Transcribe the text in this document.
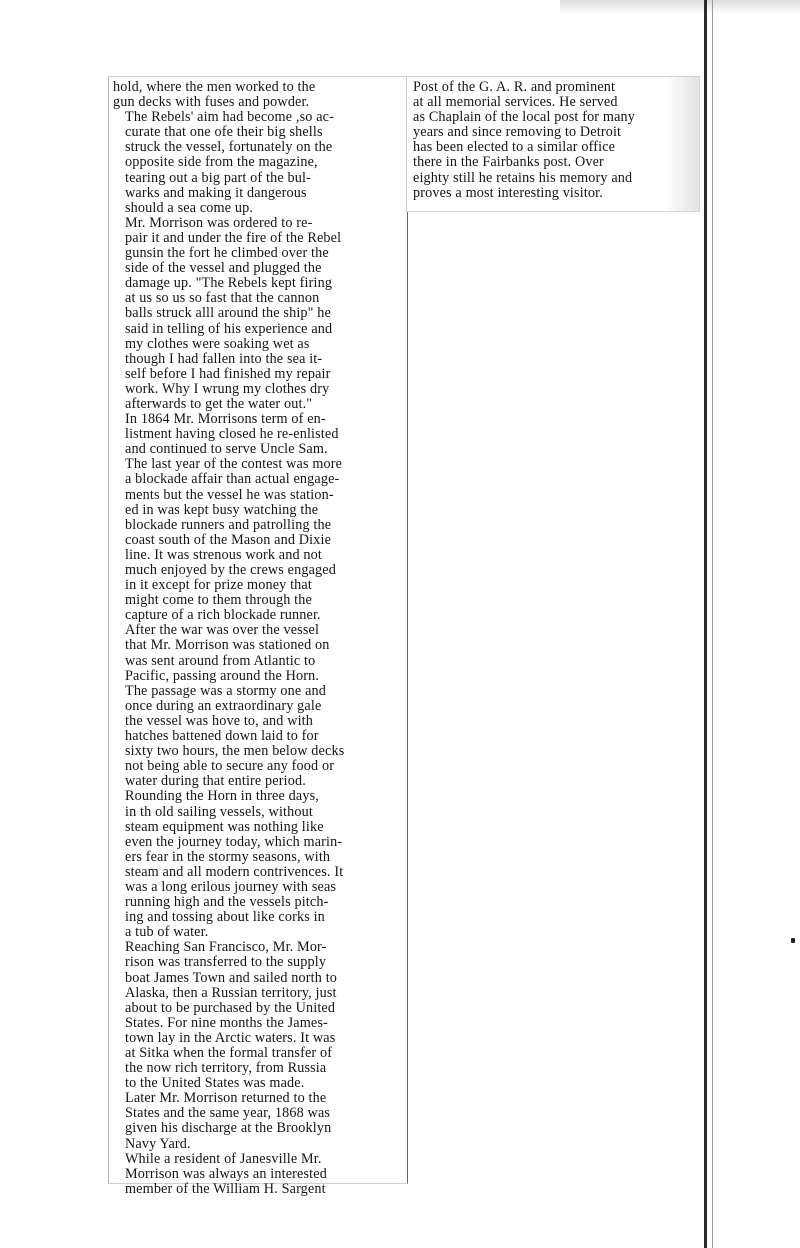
hold, where the men worked to the
gun decks with fuses and powder.

The Rebels' aim had become ,so ac-
curate that one ofe their big shells
struck the vessel, fortunately on the
opposite side from the magazine,
tearing out a big part of the bul-
warks and making it dangerous
should a sea come up.

Mr. Morrison was ordered to re-
pair it and under the fire of the Rebel
gunsin the fort he climbed over the
side of the vessel and plugged the
damage up. "The Rebels kept firing
at us so us so fast that the cannon
balls struck alll around the ship" he
said in telling of his experience and
my clothes were soaking wet as
though I had fallen into the sea it-
self before I had finished my repair
work. Why I wrung my clothes dry
afterwards to get the water out."

In 1864 Mr. Morrisons term of en-
listment having closed he re-enlisted
and continued to serve Uncle Sam.
The last year of the contest was more
a blockade affair than actual engage-
ments but the vessel he was station-
ed in was kept busy watching the
blockade runners and patrolling the
coast south of the Mason and Dixie
line. It was strenous work and not
much enjoyed by the crews engaged
in it except for prize money that
might come to them through the
capture of a rich blockade runner.

After the war was over the vessel
that Mr. Morrison was stationed on
was sent around from Atlantic to
Pacific, passing around the Horn.
The passage was a stormy one and
once during an extraordinary gale
the vessel was hove to, and with
hatches battened down laid to for
sixty two hours, the men below decks
not being able to secure any food or
water during that entire period.

Rounding the Horn in three days,
in th old sailing vessels, without
steam equipment was nothing like
even the journey today, which marin-
ers fear in the stormy seasons, with
steam and all modern contrivences. It
was a long erilous journey with seas
running high and the vessels pitch-
ing and tossing about like corks in
a tub of water.

Reaching San Francisco, Mr. Mor-
rison was transferred to the supply
boat James Town and sailed north to
Alaska, then a Russian territory, just
about to be purchased by the United
States. For nine months the James-
town lay in the Arctic waters. It was
at Sitka when the formal transfer of
the now rich territory, from Russia
to the United States was made.
Later Mr. Morrison returned to the
States and the same year, 1868 was
given his discharge at the Brooklyn
Navy Yard.

While a resident of Janesville Mr.
Morrison was always an interested
member of the William H. Sargent

Post of the G. A. R. and prominent
at all memorial services. He served
as Chaplain of the local post for many
years and since removing to Detroit
has been elected to a similar office
there in the Fairbanks post. Over
eighty still he retains his memory and
proves a most interesting visitor.
